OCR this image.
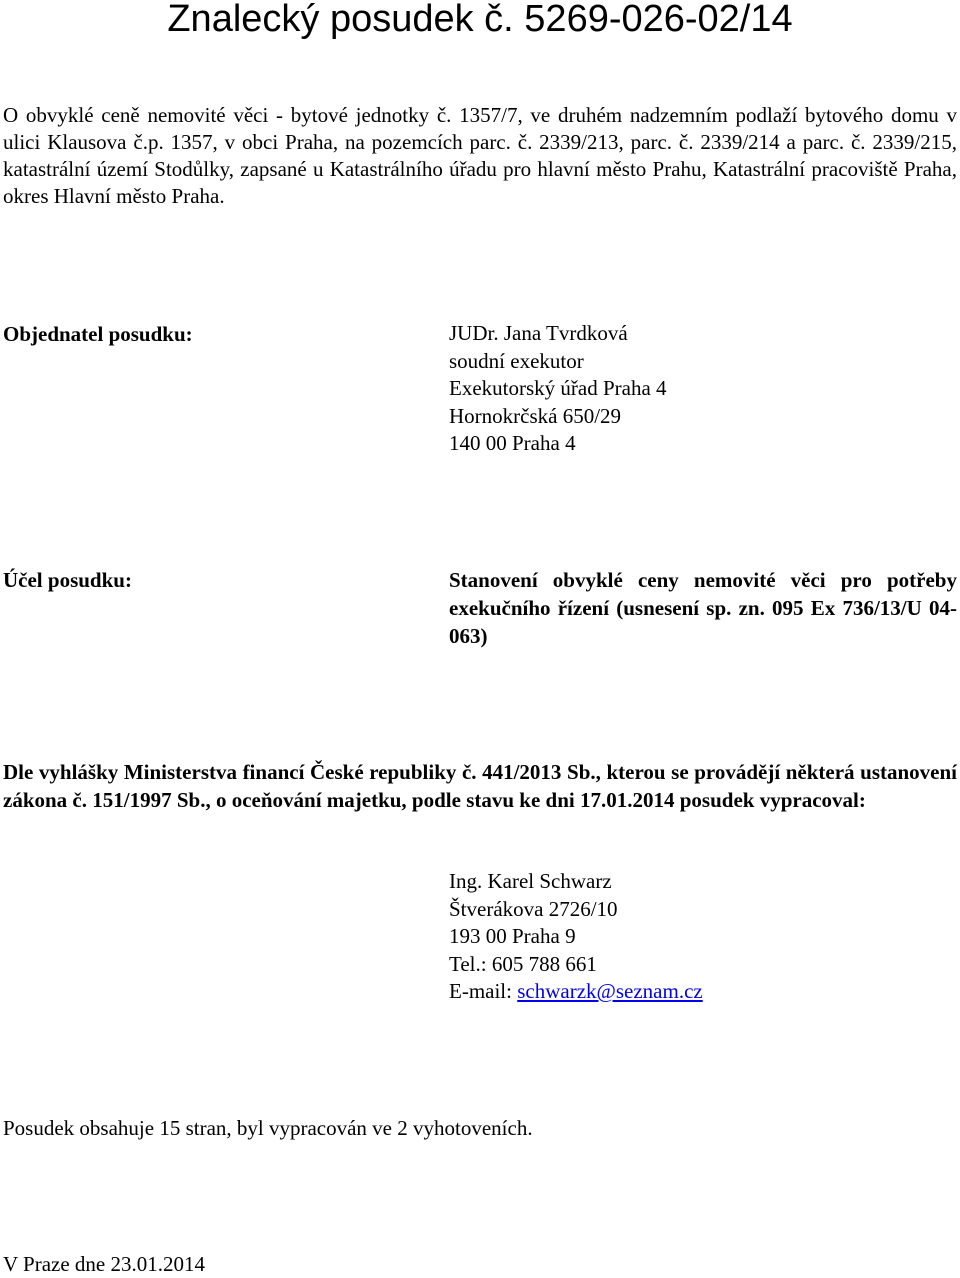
Znalecký posudek č. 5269-026-02/14

O obvyklé ceně nemovité věci - bytové jednotky č. 1357/7, ve druhém nadzemním podlaží bytového domu v ulici Klausova č.p. 1357, v obci Praha, na pozemcích parc. č. 2339/213, parc. č. 2339/214 a parc. č. 2339/215, katastrální území Stodůlky, zapsané u Katastrálního úřadu pro hlavní město Prahu, Katastrální pracoviště Praha, okres Hlavní město Praha.

Objednatel posudku:	JUDr. Jana Tvrdková
soudní exekutor
Exekutorský úřad Praha 4
Hornokrčská 650/29
140 00 Praha 4

Účel posudku:	Stanovení obvyklé ceny nemovité věci pro potřeby exekučního řízení (usnesení sp. zn. 095 Ex 736/13/U 04-063)

Dle vyhlášky Ministerstva financí České republiky č. 441/2013 Sb., kterou se provádějí některá ustanovení zákona č. 151/1997 Sb., o oceňování majetku, podle stavu ke dni 17.01.2014 posudek vypracoval:

Ing. Karel Schwarz
Štverákova 2726/10
193 00 Praha 9
Tel.: 605 788 661
E-mail: schwarzk@seznam.cz

Posudek obsahuje 15 stran, byl vypracován ve 2 vyhotoveních.

V Praze dne 23.01.2014
